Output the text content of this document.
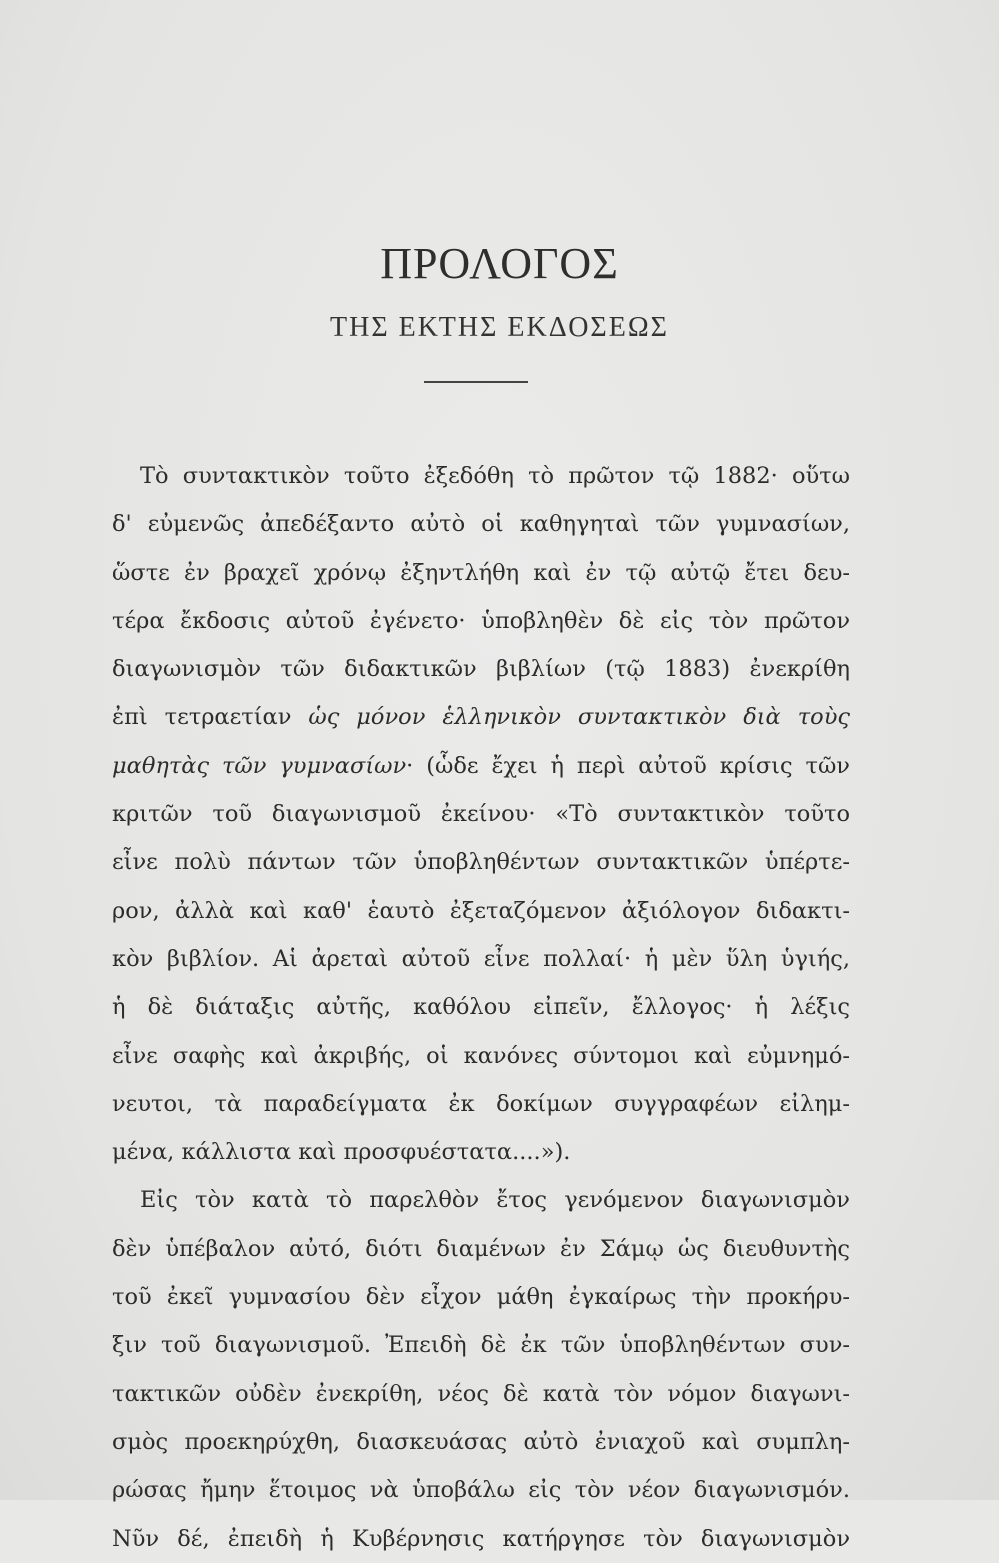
ΠΡΟΛΟΓΟΣ
ΤΗΣ ΕΚΤΗΣ ΕΚΔΟΣΕΩΣ
Τὸ συντακτικὸν τοῦτο ἐξεδόθη τὸ πρῶτον τῷ 1882· οὕτω
δ' εὐμενῶς ἀπεδέξαντο αὐτὸ οἱ καθηγηταὶ τῶν γυμνασίων,
ὥστε ἐν βραχεῖ χρόνῳ ἐξηντλήθη καὶ ἐν τῷ αὐτῷ ἔτει δευ-
τέρα ἔκδοσις αὐτοῦ ἐγένετο· ὑποβληθὲν δὲ εἰς τὸν πρῶτον
διαγωνισμὸν τῶν διδακτικῶν βιβλίων (τῷ 1883) ἐνεκρίθη
ἐπὶ τετραετίαν ὡς μόνον ἑλληνικὸν συντακτικὸν διὰ τοὺς
μαθητὰς τῶν γυμνασίων· (ὧδε ἔχει ἡ περὶ αὐτοῦ κρίσις τῶν
κριτῶν τοῦ διαγωνισμοῦ ἐκείνου· «Τὸ συντακτικὸν τοῦτο
εἶνε πολὺ πάντων τῶν ὑποβληθέντων συντακτικῶν ὑπέρτε-
ρον, ἀλλὰ καὶ καθ' ἑαυτὸ ἐξεταζόμενον ἀξιόλογον διδακτι-
κὸν βιβλίον. Αἱ ἀρεταὶ αὐτοῦ εἶνε πολλαί· ἡ μὲν ὕλη ὑγιής,
ἡ δὲ διάταξις αὐτῆς, καθόλου εἰπεῖν, ἔλλογος· ἡ λέξις
εἶνε σαφὴς καὶ ἀκριβής, οἱ κανόνες σύντομοι καὶ εὐμνημό-
νευτοι, τὰ παραδείγματα ἐκ δοκίμων συγγραφέων εἰλημ-
μένα, κάλλιστα καὶ προσφυέστατα....»).
Εἰς τὸν κατὰ τὸ παρελθὸν ἔτος γενόμενον διαγωνισμὸν
δὲν ὑπέβαλον αὐτό, διότι διαμένων ἐν Σάμῳ ὡς διευθυντὴς
τοῦ ἐκεῖ γυμνασίου δὲν εἶχον μάθη ἐγκαίρως τὴν προκήρυ-
ξιν τοῦ διαγωνισμοῦ. Ἐπειδὴ δὲ ἐκ τῶν ὑποβληθέντων συν-
τακτικῶν οὐδὲν ἐνεκρίθη, νέος δὲ κατὰ τὸν νόμον διαγωνι-
σμὸς προεκηρύχθη, διασκευάσας αὐτὸ ἐνιαχοῦ καὶ συμπλη-
ρώσας ἤμην ἕτοιμος νὰ ὑποβάλω εἰς τὸν νέον διαγωνισμόν.
Νῦν δέ, ἐπειδὴ ἡ Κυβέρνησις κατήργησε τὸν διαγωνισμὸν
